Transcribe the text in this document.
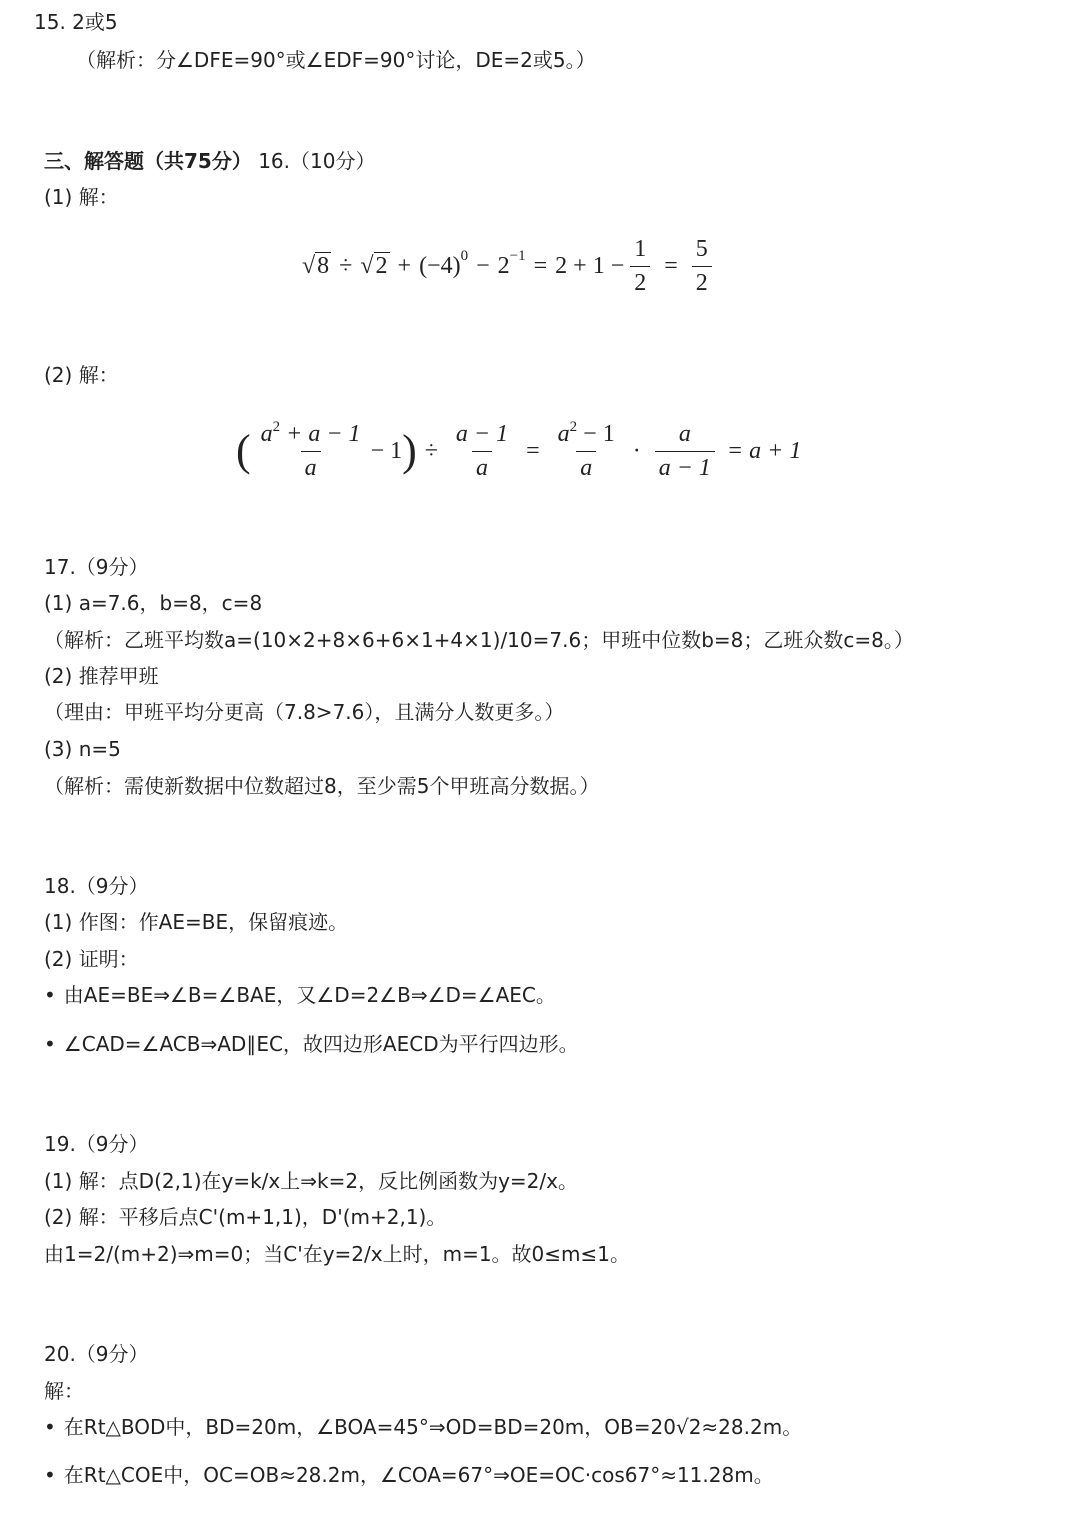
15. 2或5
（解析：分∠DFE=90°或∠EDF=90°讨论，DE=2或5。）
三、解答题（共75分） 16.（10分）
(1) 解：
√ 8 ÷ √ 2 + (−4) $0 - 2 -1 = 2 + 1 - \frac{1}{2} = \frac{5}{2}$
(2) 解：
( $\frac{a^2 + a - 1}{a} - 1$ ) ÷ $\frac{a - 1}{a} = \frac{a^2 - 1}{a} \cdot \frac{a}{a - 1} = a + 1$
17.（9分）
(1) a=7.6，b=8，c=8
（解析：乙班平均数a=(10×2+8×6+6×1+4×1)/10=7.6；甲班中位数b=8；乙班众数c=8。）
(2) 推荐甲班
（理由：甲班平均分更高（7.8>7.6），且满分人数更多。）
(3) n=5
（解析：需使新数据中位数超过8，至少需5个甲班高分数据。）
18.（9分）
(1) 作图：作AE=BE，保留痕迹。
(2) 证明：
• 由AE=BE⇒∠B=∠BAE，又∠D=2∠B⇒∠D=∠AEC。
• ∠CAD=∠ACB⇒AD∥EC，故四边形AECD为平行四边形。
19.（9分）
(1) 解：点D(2,1)在y=k/x上⇒k=2，反比例函数为y=2/x。
(2) 解：平移后点C'(m+1,1)，D'(m+2,1)。
由1=2/(m+2)⇒m=0；当C'在y=2/x上时，m=1。故0≤m≤1。
20.（9分）
解：
• 在Rt△BOD中，BD=20m，∠BOA=45°⇒OD=BD=20m，OB=20√2≈28.2m。
• 在Rt△COE中，OC=OB≈28.2m，∠COA=67°⇒OE=OC·cos67°≈11.28m。
